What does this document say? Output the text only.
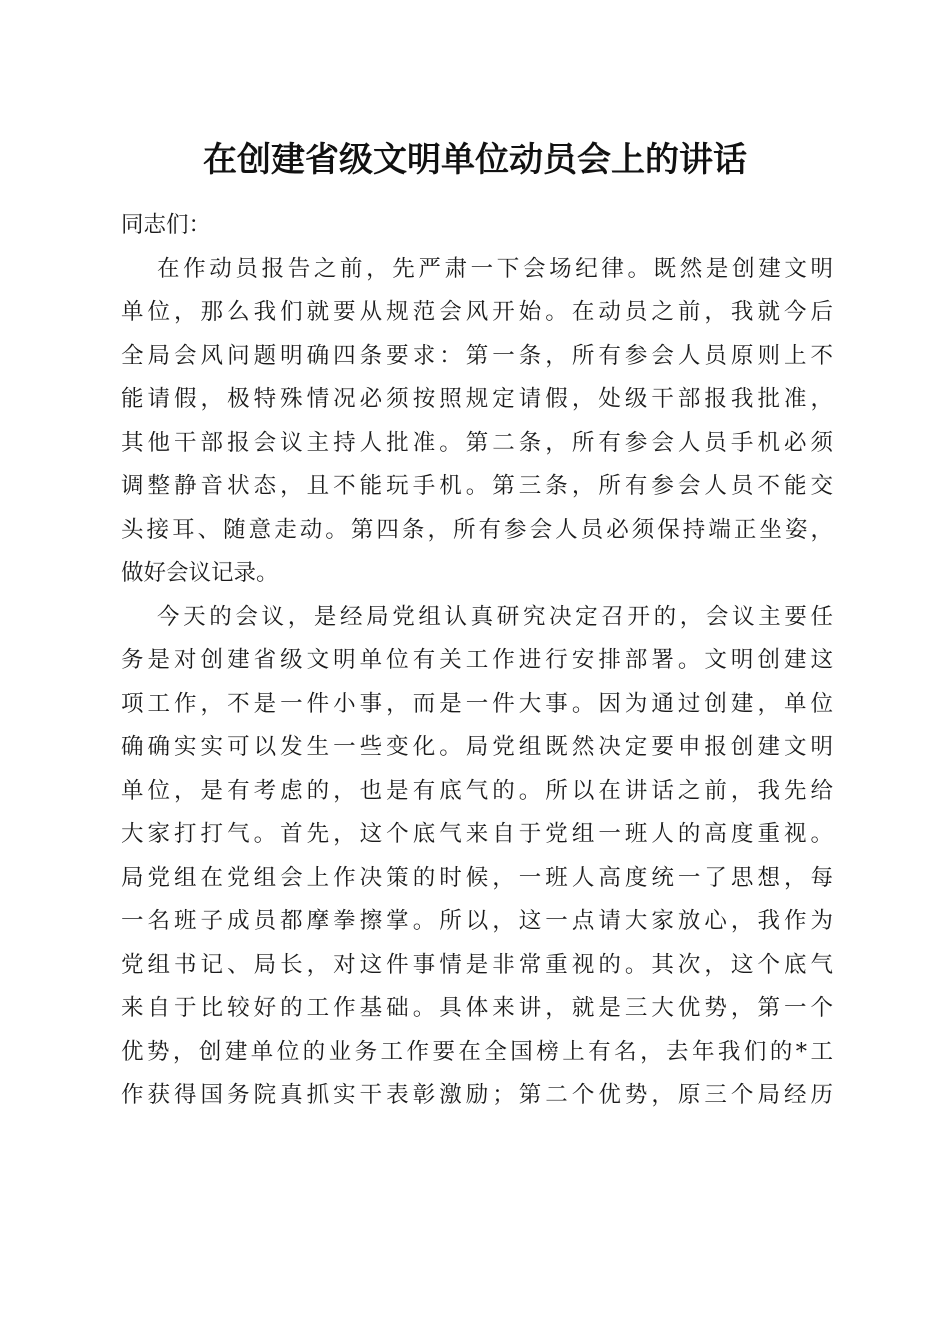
在创建省级文明单位动员会上的讲话
同志们：
在作动员报告之前，先严肃一下会场纪律。既然是创建文明
单位，那么我们就要从规范会风开始。在动员之前，我就今后
全局会风问题明确四条要求：第一条，所有参会人员原则上不
能请假，极特殊情况必须按照规定请假，处级干部报我批准，
其他干部报会议主持人批准。第二条，所有参会人员手机必须
调整静音状态，且不能玩手机。第三条，所有参会人员不能交
头接耳、随意走动。第四条，所有参会人员必须保持端正坐姿，
做好会议记录。
今天的会议，是经局党组认真研究决定召开的，会议主要任
务是对创建省级文明单位有关工作进行安排部署。文明创建这
项工作，不是一件小事，而是一件大事。因为通过创建，单位
确确实实可以发生一些变化。局党组既然决定要申报创建文明
单位，是有考虑的，也是有底气的。所以在讲话之前，我先给
大家打打气。首先，这个底气来自于党组一班人的高度重视。
局党组在党组会上作决策的时候，一班人高度统一了思想，每
一名班子成员都摩拳擦掌。所以，这一点请大家放心，我作为
党组书记、局长，对这件事情是非常重视的。其次，这个底气
来自于比较好的工作基础。具体来讲，就是三大优势，第一个
优势，创建单位的业务工作要在全国榜上有名，去年我们的*工
作获得国务院真抓实干表彰激励；第二个优势，原三个局经历
